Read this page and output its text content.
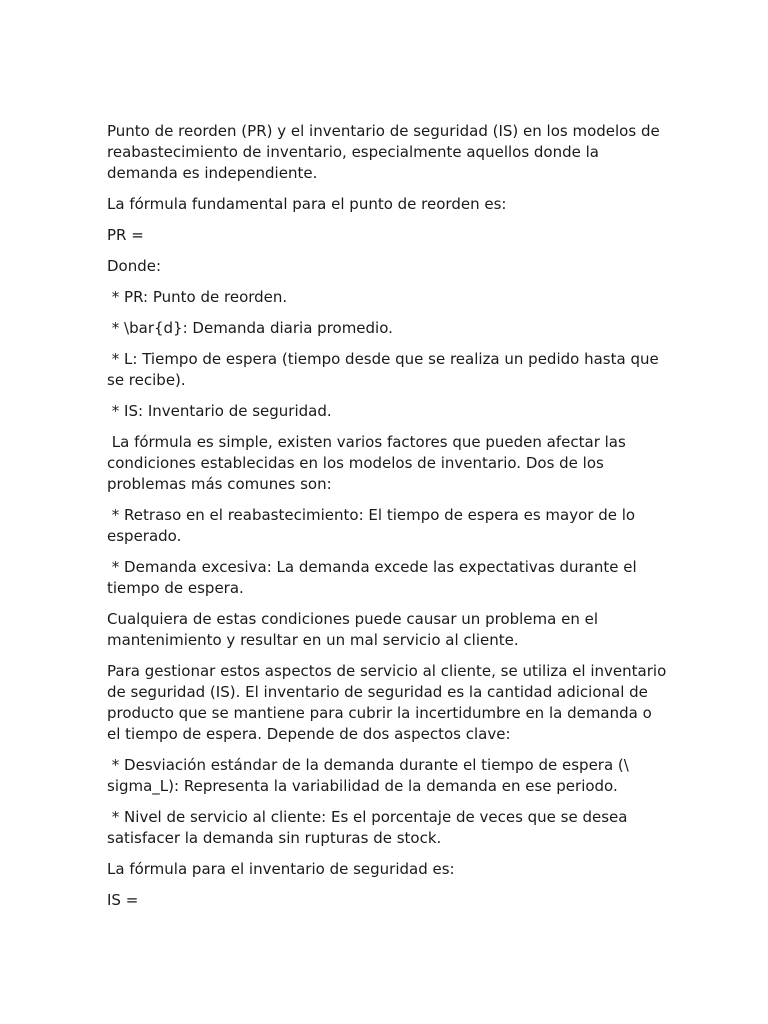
Punto de reorden (PR) y el inventario de seguridad (IS) en los modelos de reabastecimiento de inventario, especialmente aquellos donde la demanda es independiente.

La fórmula fundamental para el punto de reorden es:

PR =

Donde:

* PR: Punto de reorden.

* \bar{d}: Demanda diaria promedio.

* L: Tiempo de espera (tiempo desde que se realiza un pedido hasta que se recibe).

* IS: Inventario de seguridad.

La fórmula es simple, existen varios factores que pueden afectar las condiciones establecidas en los modelos de inventario. Dos de los problemas más comunes son:

* Retraso en el reabastecimiento: El tiempo de espera es mayor de lo esperado.

* Demanda excesiva: La demanda excede las expectativas durante el tiempo de espera.

Cualquiera de estas condiciones puede causar un problema en el mantenimiento y resultar en un mal servicio al cliente.

Para gestionar estos aspectos de servicio al cliente, se utiliza el inventario de seguridad (IS). El inventario de seguridad es la cantidad adicional de producto que se mantiene para cubrir la incertidumbre en la demanda o el tiempo de espera. Depende de dos aspectos clave:

* Desviación estándar de la demanda durante el tiempo de espera (\ sigma_L): Representa la variabilidad de la demanda en ese periodo.

* Nivel de servicio al cliente: Es el porcentaje de veces que se desea satisfacer la demanda sin rupturas de stock.

La fórmula para el inventario de seguridad es:

IS =
